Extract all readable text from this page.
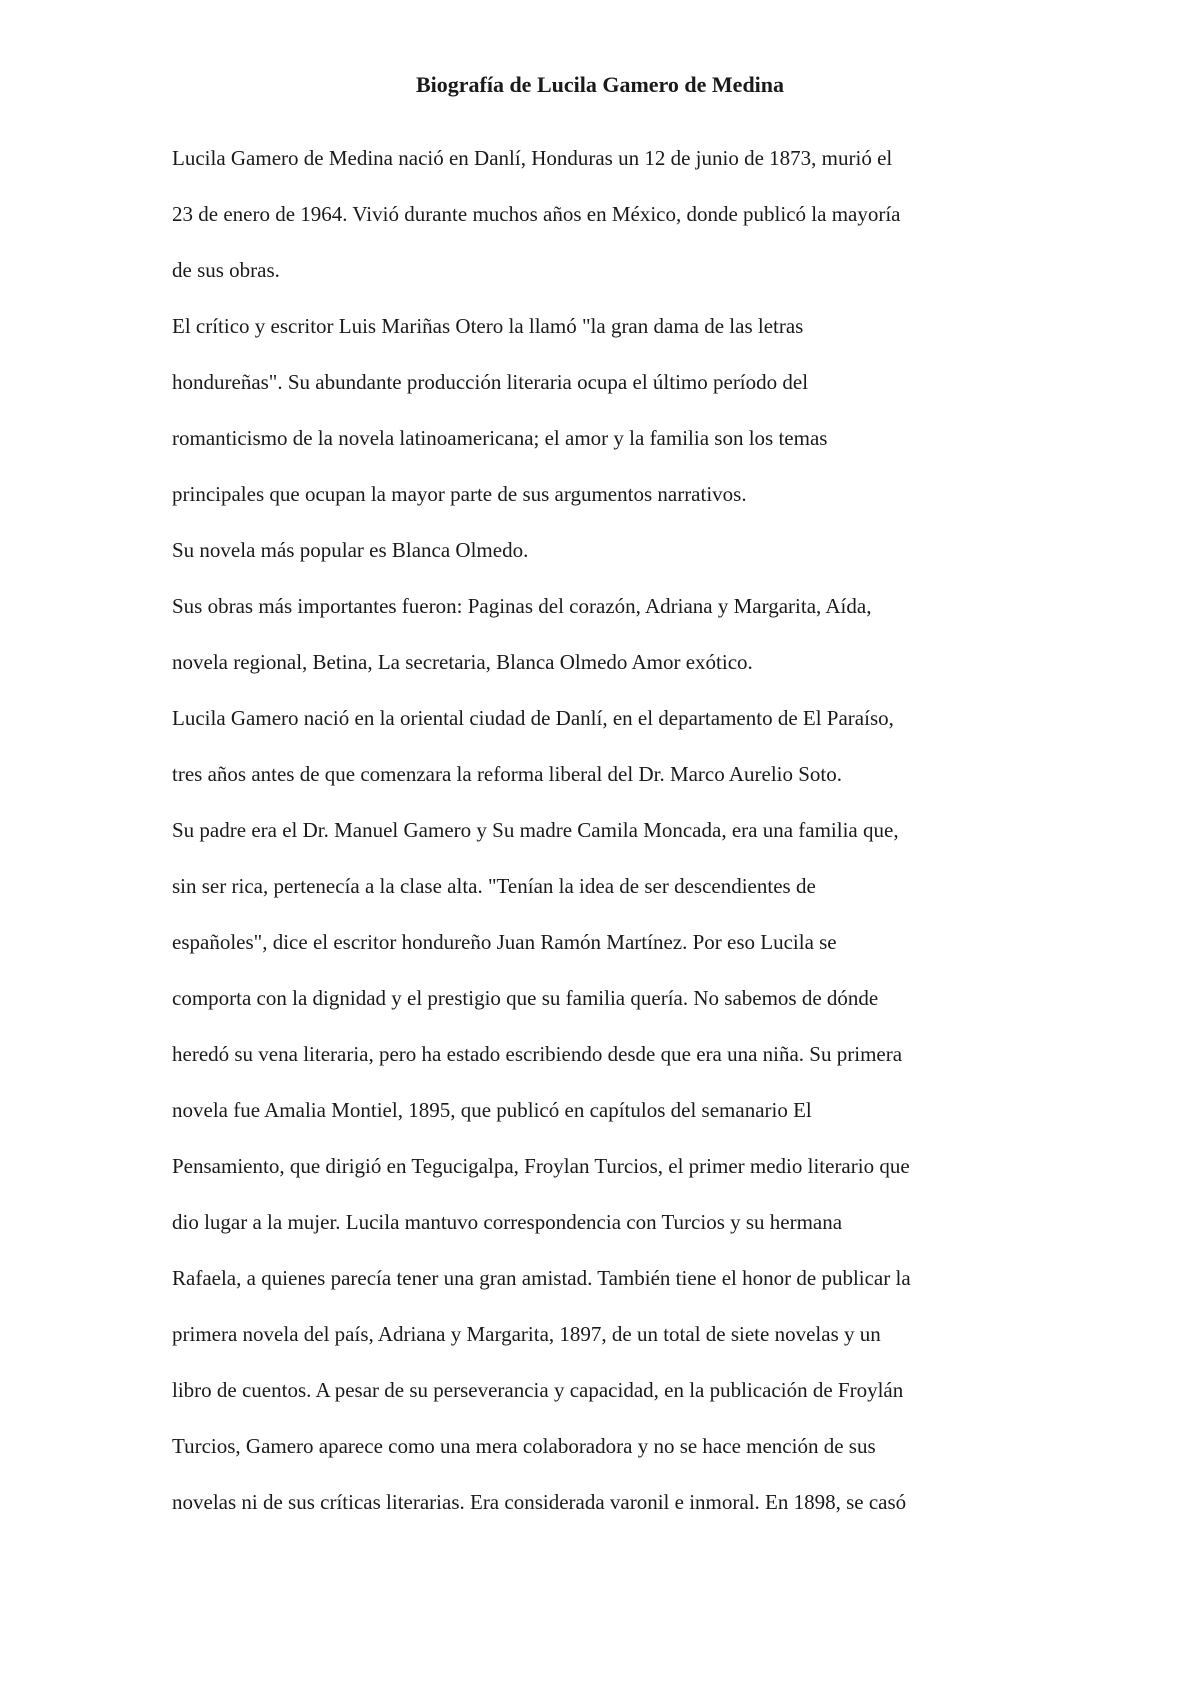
Biografía de Lucila Gamero de Medina
Lucila Gamero de Medina nació en Danlí, Honduras un 12 de junio de 1873, murió el
23 de enero de 1964. Vivió durante muchos años en México, donde publicó la mayoría
de sus obras.
El crítico y escritor Luis Mariñas Otero la llamó "la gran dama de las letras
hondureñas". Su abundante producción literaria ocupa el último período del
romanticismo de la novela latinoamericana; el amor y la familia son los temas
principales que ocupan la mayor parte de sus argumentos narrativos.
Su novela más popular es Blanca Olmedo.
Sus obras más importantes fueron: Paginas del corazón, Adriana y Margarita, Aída,
novela regional, Betina, La secretaria, Blanca Olmedo Amor exótico.
Lucila Gamero nació en la oriental ciudad de Danlí, en el departamento de El Paraíso,
tres años antes de que comenzara la reforma liberal del Dr. Marco Aurelio Soto.
Su padre era el Dr. Manuel Gamero y Su madre Camila Moncada, era una familia que,
sin ser rica, pertenecía a la clase alta. "Tenían la idea de ser descendientes de
españoles", dice el escritor hondureño Juan Ramón Martínez. Por eso Lucila se
comporta con la dignidad y el prestigio que su familia quería. No sabemos de dónde
heredó su vena literaria, pero ha estado escribiendo desde que era una niña. Su primera
novela fue Amalia Montiel, 1895, que publicó en capítulos del semanario El
Pensamiento, que dirigió en Tegucigalpa, Froylan Turcios, el primer medio literario que
dio lugar a la mujer. Lucila mantuvo correspondencia con Turcios y su hermana
Rafaela, a quienes parecía tener una gran amistad. También tiene el honor de publicar la
primera novela del país, Adriana y Margarita, 1897, de un total de siete novelas y un
libro de cuentos. A pesar de su perseverancia y capacidad, en la publicación de Froylán
Turcios, Gamero aparece como una mera colaboradora y no se hace mención de sus
novelas ni de sus críticas literarias. Era considerada varonil e inmoral. En 1898, se casó
